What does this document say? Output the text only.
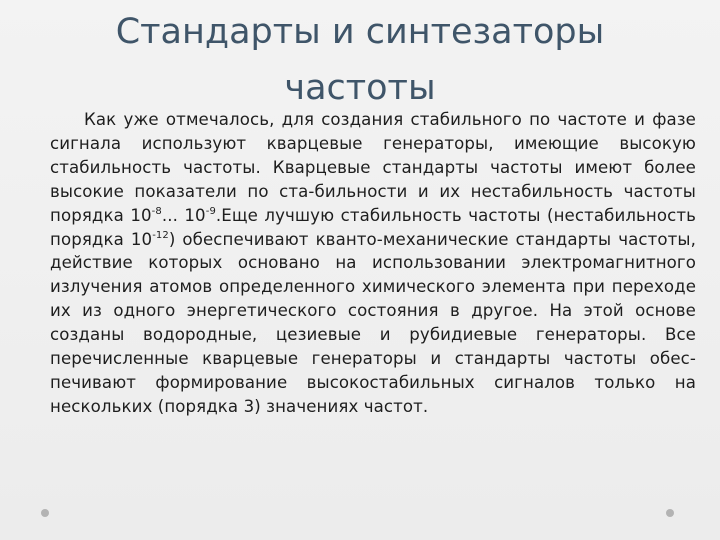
Стандарты и синтезаторы
частоты

Как уже отмечалось, для создания стабильного по частоте и фазе сигнала используют кварцевые генераторы, имеющие высокую стабильность частоты. Кварцевые стандарты частоты имеют более высокие показатели по ста-бильности и их нестабильность частоты порядка $10^{-8}$... $10^{-9}.Еще$ лучшую стабильность частоты (нестабильность порядка $10^{-12}$) обеспечивают кванто-механические стандарты частоты, действие которых основано на использовании электромагнитного излучения атомов определенного химического элемента при переходе их из одного энергетического состояния в другое. На этой основе созданы водородные, цезиевые и рубидиевые генераторы. Все перечисленные кварцевые генераторы и стандарты частоты обес-печивают формирование высокостабильных сигналов только на нескольких (порядка 3) значениях частот.
